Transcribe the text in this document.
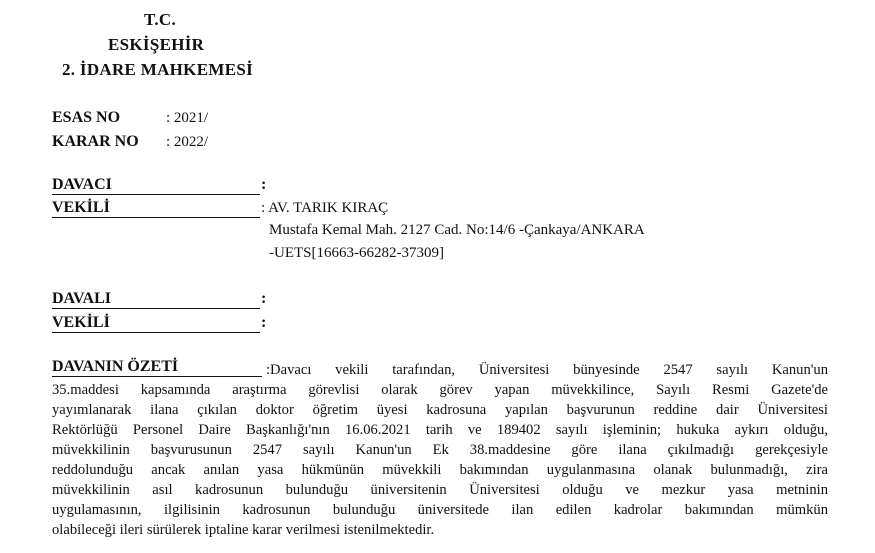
T.C.
ESKİŞEHİR
2. İDARE MAHKEMESİ
ESAS NO	: 2021/
KARAR NO : 2022/
DAVACI	:
VEKİLİ	: AV. TARIK KIRAÇ
Mustafa Kemal Mah. 2127 Cad. No:14/6 -Çankaya/ANKARA
-UETS[16663-66282-37309]
DAVALI	:
VEKİLİ	:
DAVANIN ÖZETİ	:Davacı vekili tarafından, Üniversitesi bünyesinde 2547 sayılı Kanun'un
35.maddesi kapsamında araştırma görevlisi olarak görev yapan müvekkilince, Sayılı Resmi Gazete'de
yayımlanarak ilana çıkılan doktor öğretim üyesi kadrosuna yapılan başvurunun reddine dair Üniversitesi
Rektörlüğü Personel Daire Başkanlığı'nın 16.06.2021 tarih ve 189402 sayılı işleminin; hukuka aykırı olduğu,
müvekkilinin başvurusunun 2547 sayılı Kanun'un Ek 38.maddesine göre ilana çıkılmadığı gerekçesiyle
reddolunduğu ancak anılan yasa hükmünün müvekkili bakımından uygulanmasına olanak bulunmadığı, zira
müvekkilinin asıl kadrosunun bulunduğu üniversitenin Üniversitesi olduğu ve mezkur yasa metninin
uygulamasının, ilgilisinin kadrosunun bulunduğu üniversitede ilan edilen kadrolar bakımından mümkün
olabileceği ileri sürülerek iptaline karar verilmesi istenilmektedir.
